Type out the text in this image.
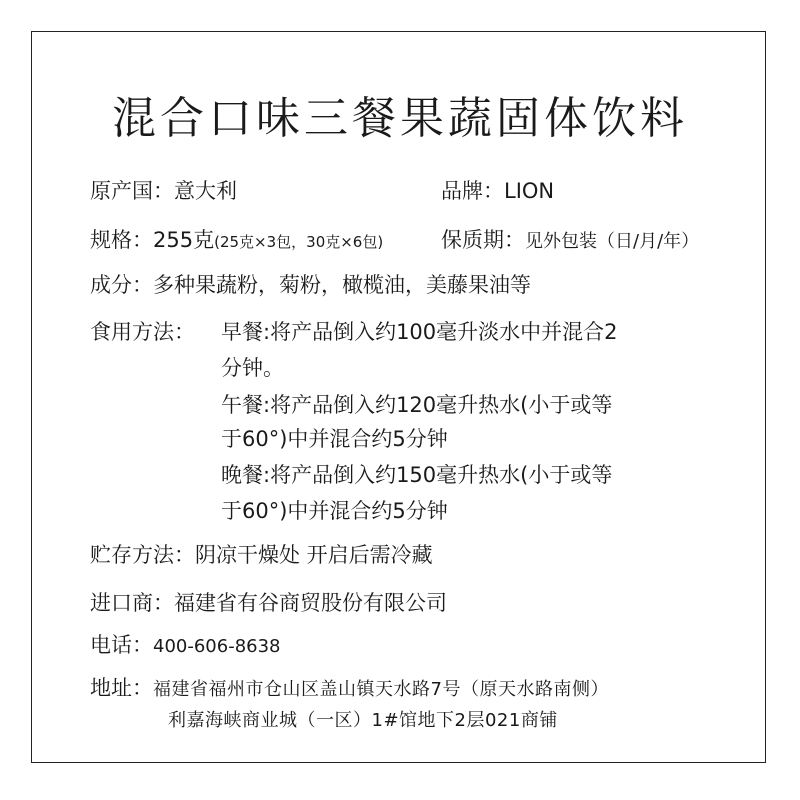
混合口味三餐果蔬固体饮料
原产国：意大利	品牌：LION
规格：255克(25克×3包，30克×6包)	保质期：见外包装（日/月/年）
成分：多种果蔬粉，菊粉，橄榄油，美藤果油等
食用方法： 早餐:将产品倒入约100毫升淡水中并混合2
分钟。
午餐:将产品倒入约120毫升热水(小于或等
于60°)中并混合约5分钟
晚餐:将产品倒入约150毫升热水(小于或等
于60°)中并混合约5分钟
贮存方法：阴凉干燥处 开启后需冷藏
进口商：福建省有谷商贸股份有限公司
电话：400-606-8638
地址：福建省福州市仓山区盖山镇天水路7号（原天水路南侧）
利嘉海峡商业城（一区）1#馆地下2层021商铺
